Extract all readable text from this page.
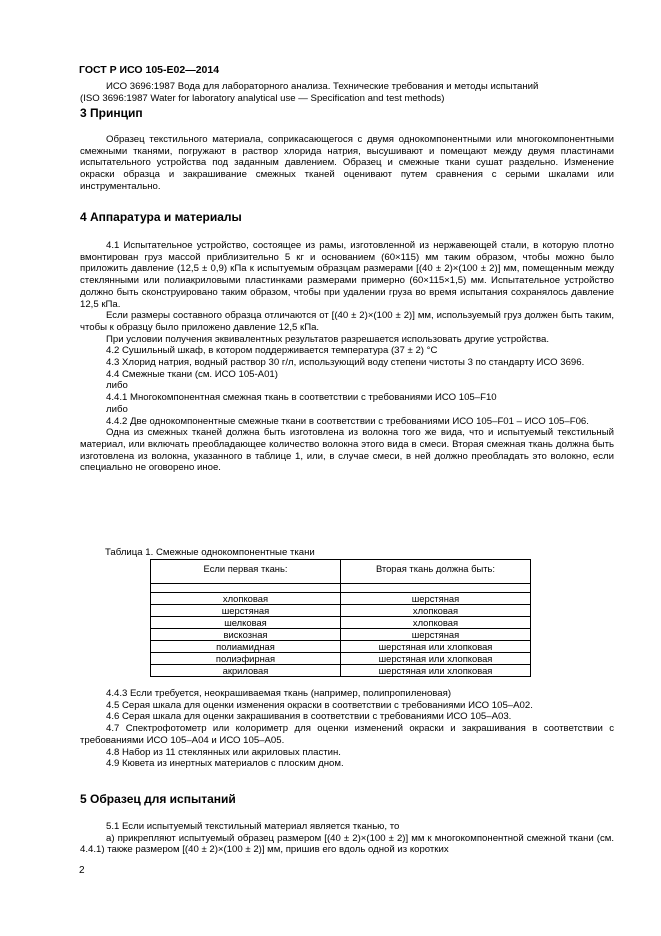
ГОСТ Р ИСО 105-E02—2014

ИСО 3696:1987 Вода для лабораторного анализа. Технические требования и методы испытаний

(ISO 3696:1987 Water for laboratory analytical use — Specification and test methods)

3 Принцип

Образец текстильного материала, соприкасающегося с двумя однокомпонентными или многокомпонентными смежными тканями, погружают в раствор хлорида натрия, высушивают и помещают между двумя пластинами испытательного устройства под заданным давлением. Образец и смежные ткани сушат раздельно. Изменение окраски образца и закрашивание смежных тканей оценивают путем сравнения с серыми шкалами или инструментально.

4 Аппаратура и материалы

4.1 Испытательное устройство, состоящее из рамы, изготовленной из нержавеющей стали, в которую плотно вмонтирован груз массой приблизительно 5 кг и основанием (60×115) мм таким образом, чтобы можно было приложить давление (12,5 ± 0,9) кПа к испытуемым образцам размерами [(40 ± 2)×(100 ± 2)] мм, помещенным между стеклянными или полиакриловыми пластинками размерами примерно (60×115×1,5) мм. Испытательное устройство должно быть сконструировано таким образом, чтобы при удалении груза во время испытания сохранялось давление 12,5 кПа.

Если размеры составного образца отличаются от [(40 ± 2)×(100 ± 2)] мм, используемый груз должен быть таким, чтобы к образцу было приложено давление 12,5 кПа.

При условии получения эквивалентных результатов разрешается использовать другие устройства.

4.2 Сушильный шкаф, в котором поддерживается температура (37 ± 2) °С

4.3 Хлорид натрия, водный раствор 30 г/л, использующий воду степени чистоты 3 по стандарту ИСО 3696.

4.4 Смежные ткани (см. ИСО 105-А01)

либо

4.4.1 Многокомпонентная смежная ткань в соответствии с требованиями ИСО 105–F10

либо

4.4.2 Две однокомпонентные смежные ткани в соответствии с требованиями ИСО 105–F01 – ИСО 105–F06.

Одна из смежных тканей должна быть изготовлена из волокна того же вида, что и испытуемый текстильный материал, или включать преобладающее количество волокна этого вида в смеси. Вторая смежная ткань должна быть изготовлена из волокна, указанного в таблице 1, или, в случае смеси, в ней должно преобладать это волокно, если специально не оговорено иное.

Таблица 1. Смежные однокомпонентные ткани
Если первая ткань:	Вторая ткань должна быть:

хлопковая	шерстяная
шерстяная	хлопковая
шелковая	хлопковая
вискозная	шерстяная
полиамидная	шерстяная или хлопковая
полиэфирная	шерстяная или хлопковая
акриловая	шерстяная или хлопковая

4.4.3 Если требуется, неокрашиваемая ткань (например, полипропиленовая)

4.5 Серая шкала для оценки изменения окраски в соответствии с требованиями ИСО 105–А02.

4.6 Серая шкала для оценки закрашивания в соответствии с требованиями ИСО 105–А03.

4.7 Спектрофотометр или колориметр для оценки изменений окраски и закрашивания в соответствии с требованиями ИСО 105–А04 и ИСО 105–А05.

4.8 Набор из 11 стеклянных или акриловых пластин.

4.9 Кювета из инертных материалов с плоским дном.

5 Образец для испытаний

5.1 Если испытуемый текстильный материал является тканью, то

а) прикрепляют испытуемый образец размером [(40 ± 2)×(100 ± 2)] мм к многокомпонентной смежной ткани (см. 4.4.1) также размером [(40 ± 2)×(100 ± 2)] мм, пришив его вдоль одной из коротких

2
